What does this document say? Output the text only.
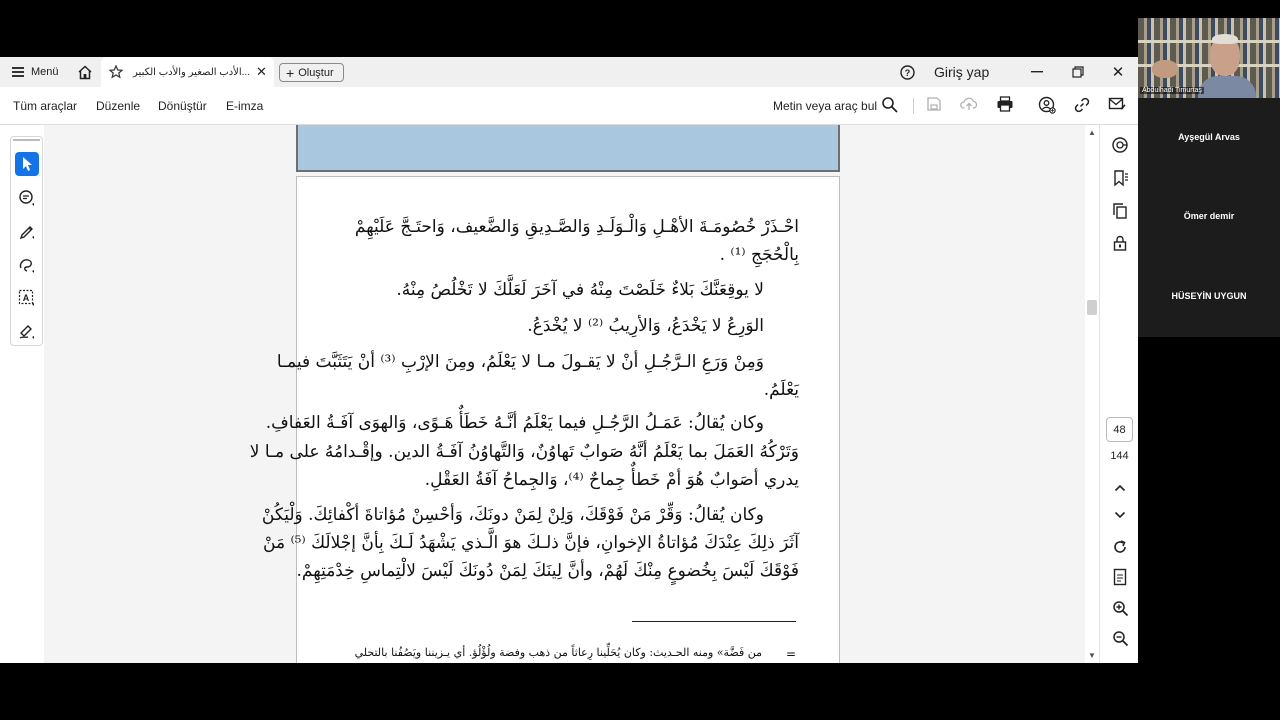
Menü	الأدب الصغير والأدب الكبير... ✕ + Oluştur	? Giriş yap	✕
Tüm araçlar Düzenle Dönüştür E-imza	Metin veya araç bul
A
احْـذَرْ خُصُومَـةَ الأهْـلِ وَالْـوَلَـدِ وَالصَّـدِيقِ وَالضَّعيف، وَاحتَـجَّ عَلَيْهِمْ
بِالْحُجَجِ ⁽¹⁾ .
لا يوقِعَنَّكَ بَلاءٌ خَلَصْتَ مِنْهُ في آخَرَ لَعَلَّكَ لا تَخْلُصُ مِنْهُ.
الوَرِعُ لا يَخْدَعُ، وَالأرِيبُ ⁽²⁾ لا يُخْدَعُ.
وَمِنْ وَرَعِ الـرَّجُـلِ أنْ لا يَقـولَ مـا لا يَعْلَمُ، ومِنَ الإرْبِ ⁽³⁾ أنْ يَتَثَبَّتَ فيمـا
يَعْلَمُ.
وكان يُقالُ: عَمَـلُ الرَّجُـلِ فيما يَعْلَمُ أنَّـهُ خَطَأٌ هَـوًى، وَالهوَى آفَـةُ العَفافِ.
وَتَرْكُهُ العَمَلَ بما يَعْلَمُ أنَّهُ صَوابٌ تَهاوُنٌ، وَالتَّهاوُنُ آفَـةُ الدين. وإقْـدامُهُ على مـا لا
يدري أصَوابٌ هُوَ أمْ خَطأٌ جِماحٌ ⁽⁴⁾، وَالجِماحُ آفَةُ العَقْلِ.
وكان يُقالُ: وَقِّرْ مَنْ فَوْقَكَ، وَلِنْ لِمَنْ دونَكَ، وَأحْسِنْ مُؤاتاةَ أكْفائِكَ. وَلْيَكُنْ
آثَرَ ذلِكَ عِنْدَكَ مُؤاتاةُ الإخوانِ، فإنَّ ذلـكَ هوَ الَّـذي يَشْهَدُ لَـكَ بِأنَّ إجْلالَكَ ⁽⁵⁾ مَنْ
فَوْقَكَ لَيْسَ بِخُضوعٍ مِنْكَ لَهُمْ، وأنَّ لِينَكَ لِمَنْ دُونَكَ لَيْسَ لالْتِماسِ خِدْمَتِهِمْ.
=
من فَضَّة» ومنه الحـديث: وكان يُحَلِّينا رِعاثاً من ذهب وفضة ولُؤْلُؤ. أي يـزيننا ويَصُفُنا بالتحلي
▲
▼
48
144
Abdulhadi Timurtaş
Ayşegül Arvas
Ömer demir
HÜSEYİN UYGUN
